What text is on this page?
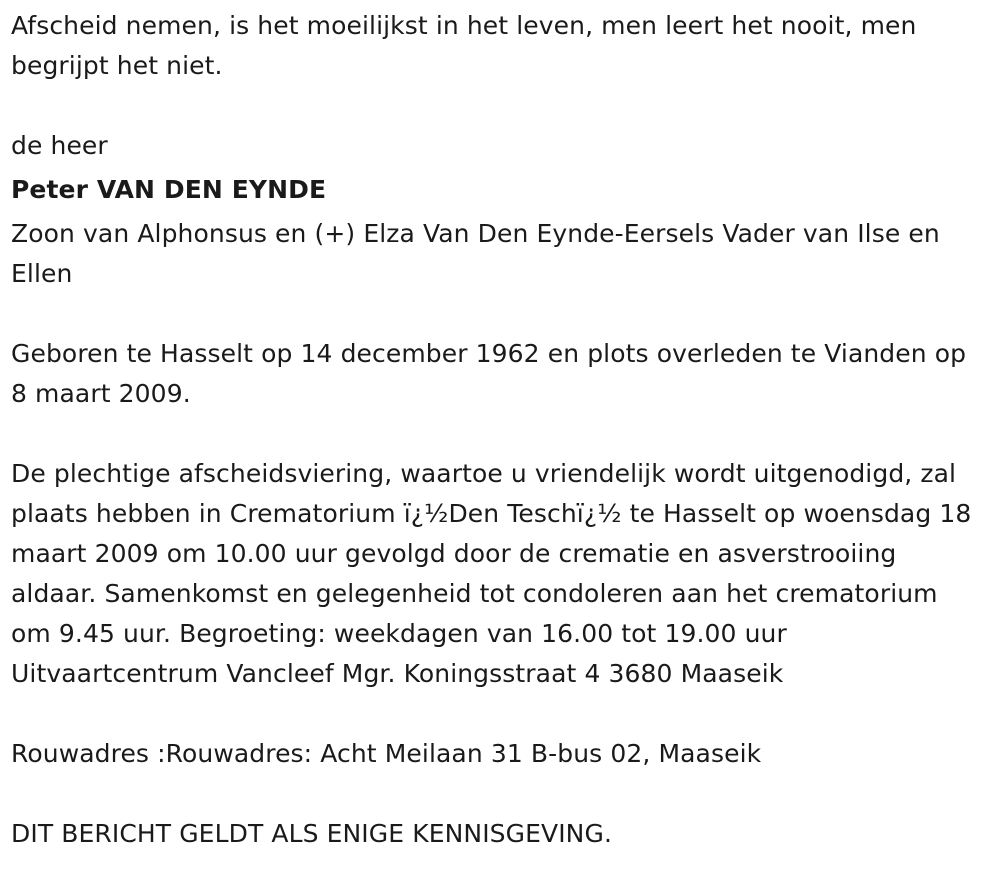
Afscheid nemen, is het moeilijkst in het leven, men leert het nooit, men begrijpt het niet.

de heer

Peter VAN DEN EYNDE

Zoon van Alphonsus en (+) Elza Van Den Eynde-Eersels Vader van Ilse en Ellen

Geboren te Hasselt op 14 december 1962 en plots overleden te Vianden op 8 maart 2009.

De plechtige afscheidsviering, waartoe u vriendelijk wordt uitgenodigd, zal plaats hebben in Crematorium ï¿½Den Teschï¿½ te Hasselt op woensdag 18 maart 2009 om 10.00 uur gevolgd door de crematie en asverstrooiing aldaar. Samenkomst en gelegenheid tot condoleren aan het crematorium om 9.45 uur. Begroeting: weekdagen van 16.00 tot 19.00 uur Uitvaartcentrum Vancleef Mgr. Koningsstraat 4 3680 Maaseik

Rouwadres :Rouwadres: Acht Meilaan 31 B-bus 02, Maaseik

DIT BERICHT GELDT ALS ENIGE KENNISGEVING.
